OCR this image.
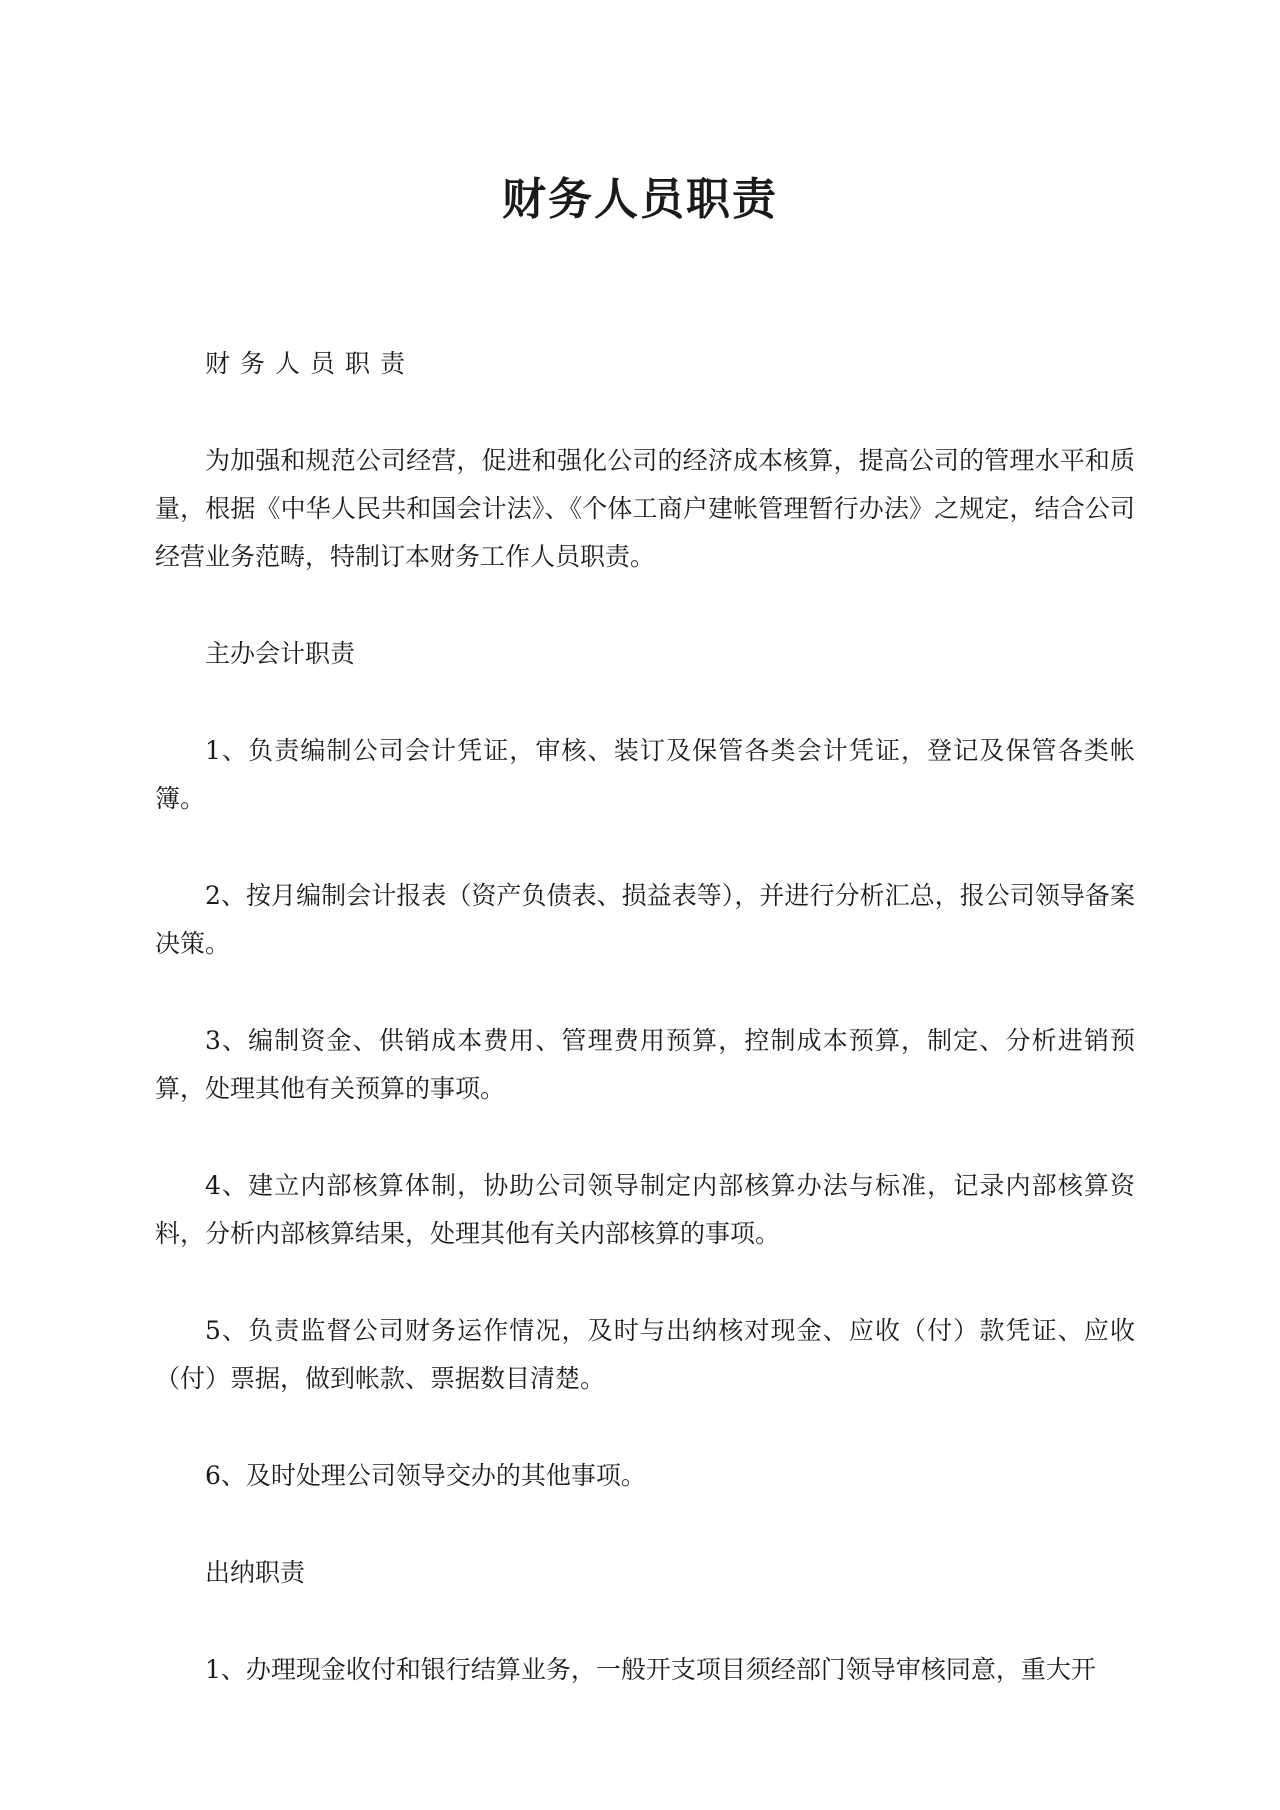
财务人员职责

财务人员职责

为加强和规范公司经营，促进和强化公司的经济成本核算，提高公司的管理水平和质量，根据《中华人民共和国会计法》、《个体工商户建帐管理暂行办法》之规定，结合公司经营业务范畴，特制订本财务工作人员职责。

主办会计职责

1、负责编制公司会计凭证，审核、装订及保管各类会计凭证，登记及保管各类帐簿。

2、按月编制会计报表（资产负债表、损益表等），并进行分析汇总，报公司领导备案决策。

3、编制资金、供销成本费用、管理费用预算，控制成本预算，制定、分析进销预算，处理其他有关预算的事项。

4、建立内部核算体制，协助公司领导制定内部核算办法与标准，记录内部核算资料，分析内部核算结果，处理其他有关内部核算的事项。

5、负责监督公司财务运作情况，及时与出纳核对现金、应收（付）款凭证、应收（付）票据，做到帐款、票据数目清楚。

6、及时处理公司领导交办的其他事项。

出纳职责

1、办理现金收付和银行结算业务，一般开支项目须经部门领导审核同意，重大开
